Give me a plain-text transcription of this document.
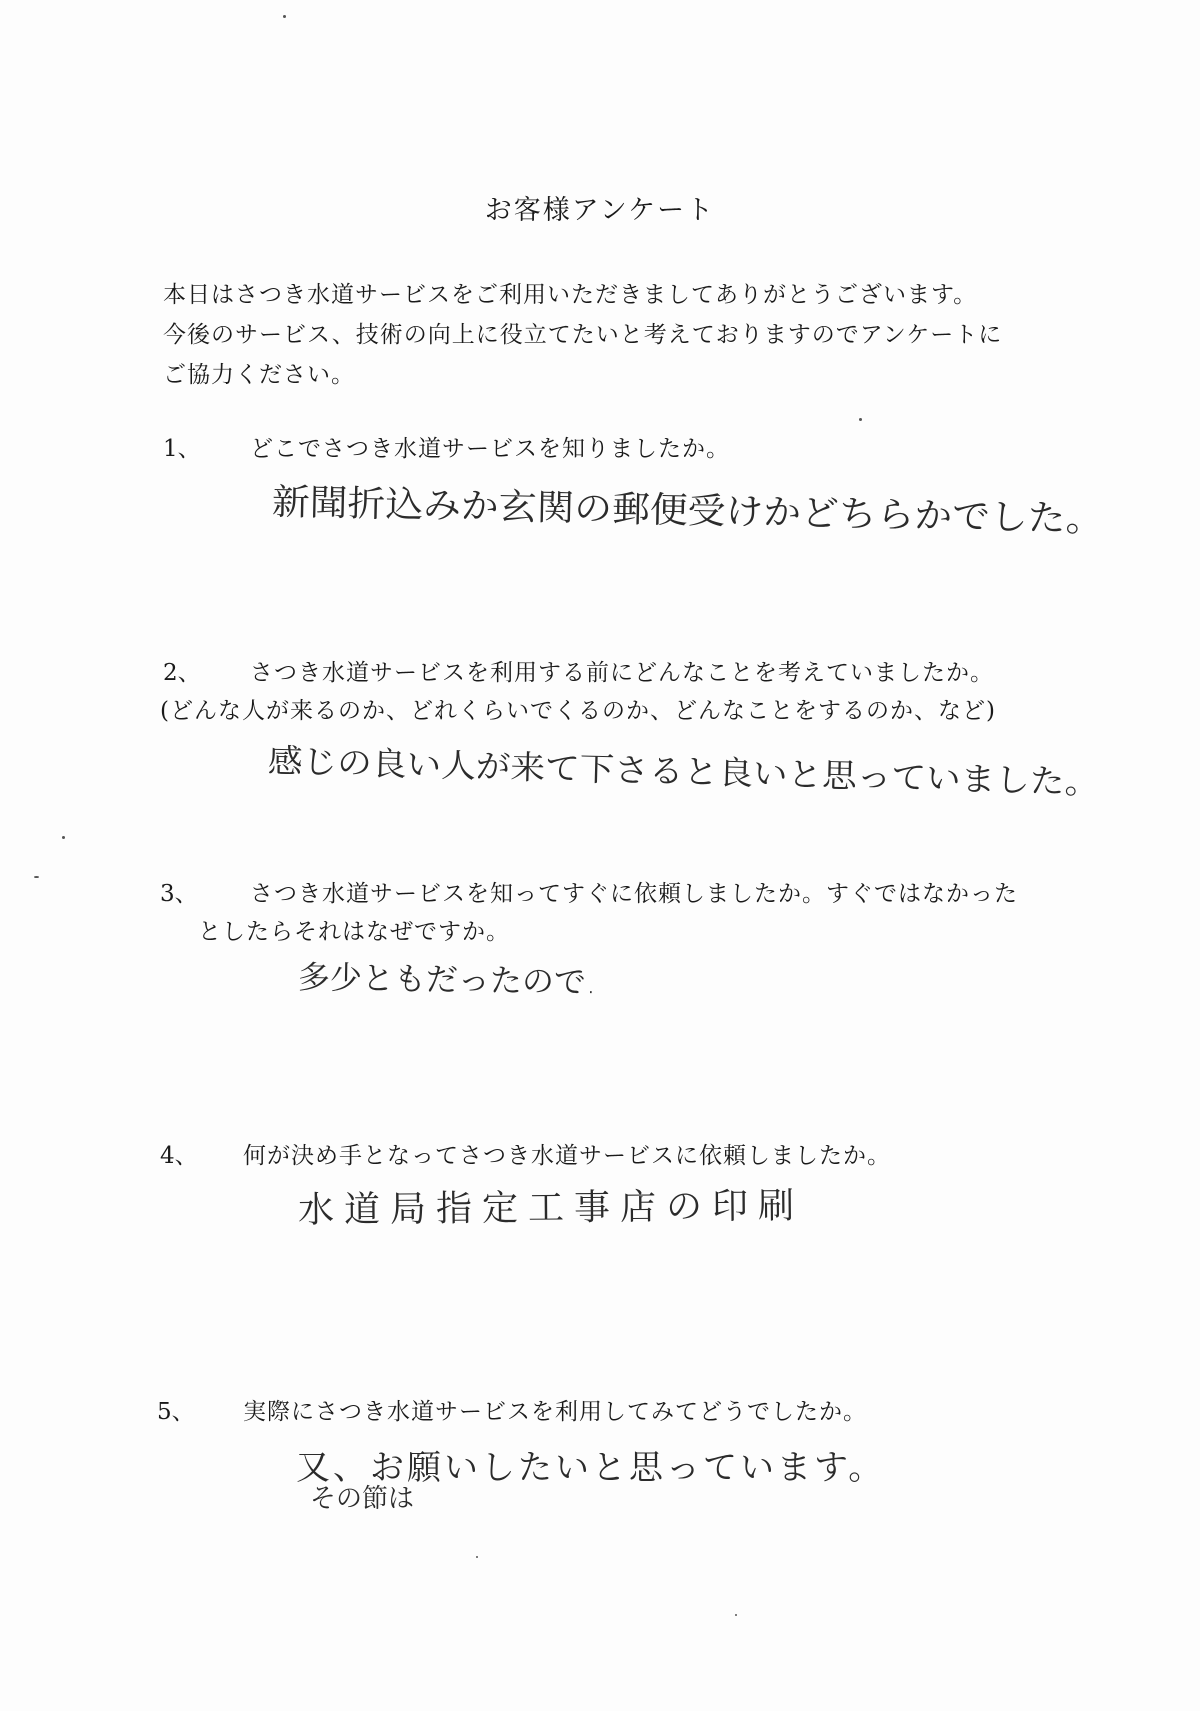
お客様アンケート
本日はさつき水道サービスをご利用いただきましてありがとうございます。
今後のサービス、技術の向上に役立てたいと考えておりますのでアンケートに
ご協力ください。
1、 どこでさつき水道サービスを知りましたか。
新聞折込みか玄関の郵便受けかどちらかでした。
2、 さつき水道サービスを利用する前にどんなことを考えていましたか。
(どんな人が来るのか、どれくらいでくるのか、どんなことをするのか、など)
感じの良い人が来て下さると良いと思っていました。
3、 さつき水道サービスを知ってすぐに依頼しましたか。すぐではなかった
としたらそれはなぜですか。
多少ともだったので.
4、 何が決め手となってさつき水道サービスに依頼しましたか。
水道局指定工事店の印刷
5、 実際にさつき水道サービスを利用してみてどうでしたか。
又、お願いしたいと思っています。
その節は
